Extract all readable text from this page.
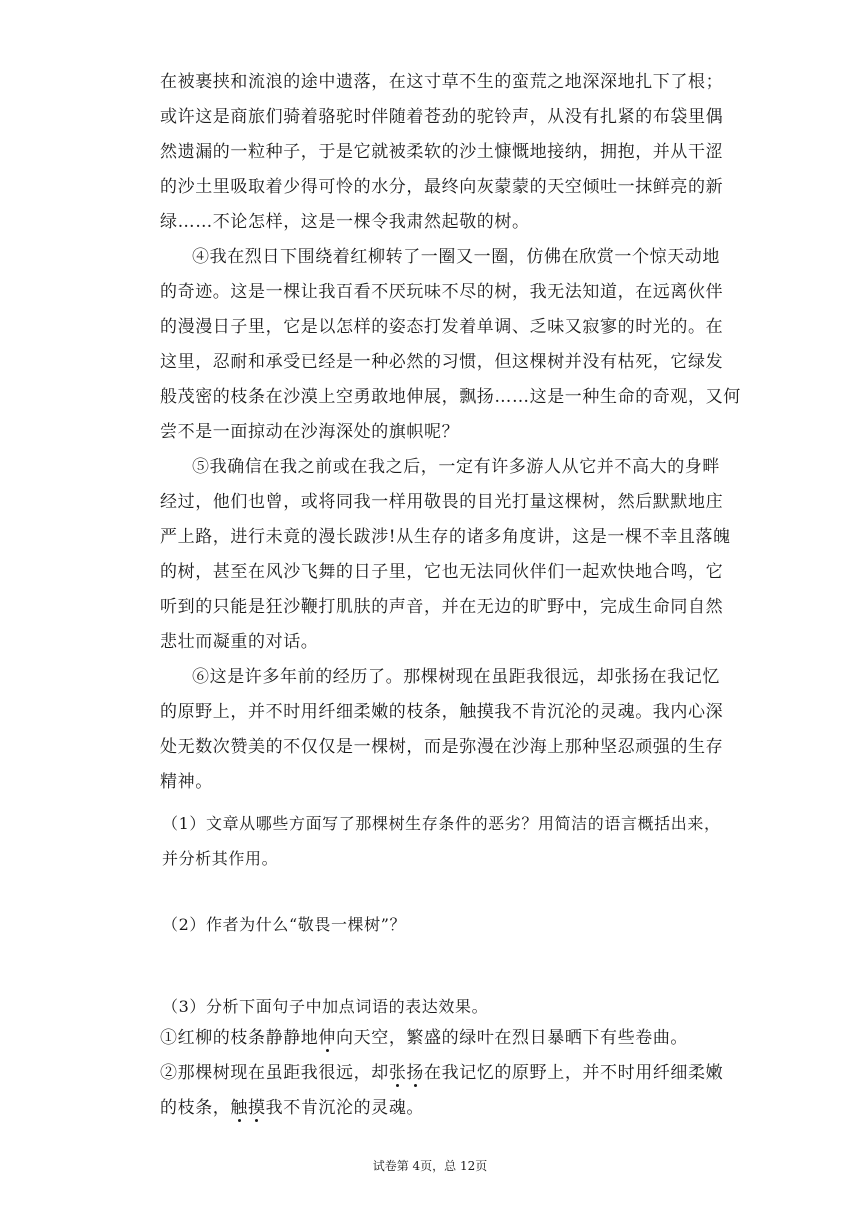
在被裹挟和流浪的途中遗落，在这寸草不生的蛮荒之地深深地扎下了根；
或许这是商旅们骑着骆驼时伴随着苍劲的驼铃声，从没有扎紧的布袋里偶
然遗漏的一粒种子，于是它就被柔软的沙土慷慨地接纳，拥抱，并从干涩
的沙土里吸取着少得可怜的水分，最终向灰蒙蒙的天空倾吐一抹鲜亮的新
绿……不论怎样，这是一棵令我肃然起敬的树。
④我在烈日下围绕着红柳转了一圈又一圈，仿佛在欣赏一个惊天动地
的奇迹。这是一棵让我百看不厌玩味不尽的树，我无法知道，在远离伙伴
的漫漫日子里，它是以怎样的姿态打发着单调、乏味又寂寥的时光的。在
这里，忍耐和承受已经是一种必然的习惯，但这棵树并没有枯死，它绿发
般茂密的枝条在沙漠上空勇敢地伸展，飘扬……这是一种生命的奇观，又何
尝不是一面掠动在沙海深处的旗帜呢？
⑤我确信在我之前或在我之后，一定有许多游人从它并不高大的身畔
经过，他们也曾，或将同我一样用敬畏的目光打量这棵树，然后默默地庄
严上路，进行未竟的漫长跋涉!从生存的诸多角度讲，这是一棵不幸且落魄
的树，甚至在风沙飞舞的日子里，它也无法同伙伴们一起欢快地合鸣，它
听到的只能是狂沙鞭打肌肤的声音，并在无边的旷野中，完成生命同自然
悲壮而凝重的对话。
⑥这是许多年前的经历了。那棵树现在虽距我很远，却张扬在我记忆
的原野上，并不时用纤细柔嫩的枝条，触摸我不肯沉沦的灵魂。我内心深
处无数次赞美的不仅仅是一棵树，而是弥漫在沙海上那种坚忍顽强的生存
精神。
（1）文章从哪些方面写了那棵树生存条件的恶劣？用简洁的语言概括出来，
并分析其作用。
（2）作者为什么“敬畏一棵树”？
（3）分析下面句子中加点词语的表达效果。
①红柳的枝条静静地伸向天空，繁盛的绿叶在烈日暴晒下有些卷曲。
②那棵树现在虽距我很远，却张扬在我记忆的原野上，并不时用纤细柔嫩
的枝条，触摸我不肯沉沦的灵魂。
试卷第 4页，总 12页
